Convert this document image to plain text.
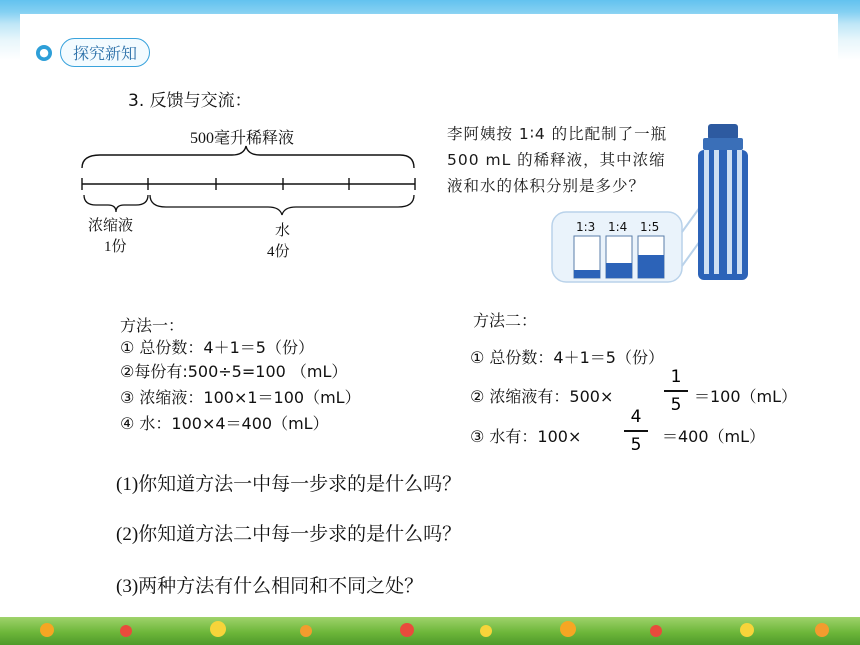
●	探究新知
3. 反馈与交流：
500毫升稀释液
浓缩液
1份
水
4份
李阿姨按 1∶4 的比配制了一瓶 500 mL 的稀释液，其中浓缩液和水的体积分别是多少？
1:3 1:4 1:5
方法一：
① 总份数：4＋1＝5（份）
②每份有:500÷5=100 （mL）
③ 浓缩液：100×1＝100（mL）
④ 水：100×4＝400（mL）
方法二：
① 总份数：4＋1＝5（份）
② 浓缩液有：500×
1
5 ＝100（mL）
③ 水有：100×
4
5	＝400（mL）
(1)你知道方法一中每一步求的是什么吗？
(2)你知道方法二中每一步求的是什么吗？
(3)两种方法有什么相同和不同之处？
